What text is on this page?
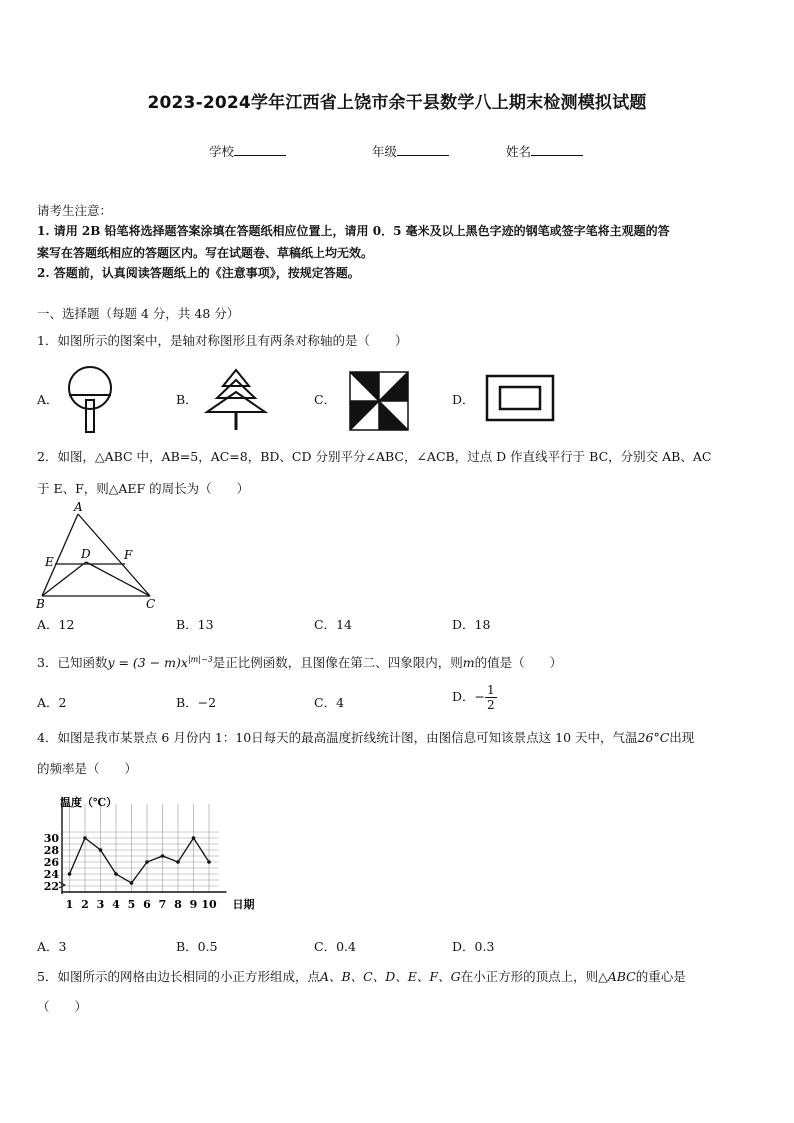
2023-2024学年江西省上饶市余干县数学八上期末检测模拟试题
学校	年级	姓名
请考生注意：
1. 请用 2B 铅笔将选择题答案涂填在答题纸相应位置上，请用 0．5 毫米及以上黑色字迹的钢笔或签字笔将主观题的答
案写在答题纸相应的答题区内。写在试题卷、草稿纸上均无效。
2. 答题前，认真阅读答题纸上的《注意事项》，按规定答题。
一、选择题（每题 4 分，共 48 分）
1．如图所示的图案中，是轴对称图形且有两条对称轴的是（　　）
A．	B．	C．	D．
2．如图，△ABC 中，AB=5，AC=8，BD、CD 分别平分∠ABC，∠ACB，过点 D 作直线平行于 BC，分别交 AB、AC
于 E、F，则△AEF 的周长为（　　）
A
B	C
D
E	F
A．12	B．13	C．14	D．18
3．已知函数$y = (3 - m)x^{|m|-3}$是正比例函数，且图像在第二、四象限内，则m的值是（　　）
A．2	B．−2	C．4	D．− $\frac{1}{2}$
4．如图是我市某景点 6 月份内 1：10日每天的最高温度折线统计图，由图信息可知该景点这 10 天中，气温26°C出现
的频率是（　　）
22
24
26
28
30
1 2 3 4 5 6 7 8 9 10
温度（℃）
日期
A．3	B．0.5	C．0.4	D．0.3
5．如图所示的网格由边长相同的小正方形组成，点A、B、C、D、E、F、G在小正方形的顶点上，则△ABC的重心是
（　　）
